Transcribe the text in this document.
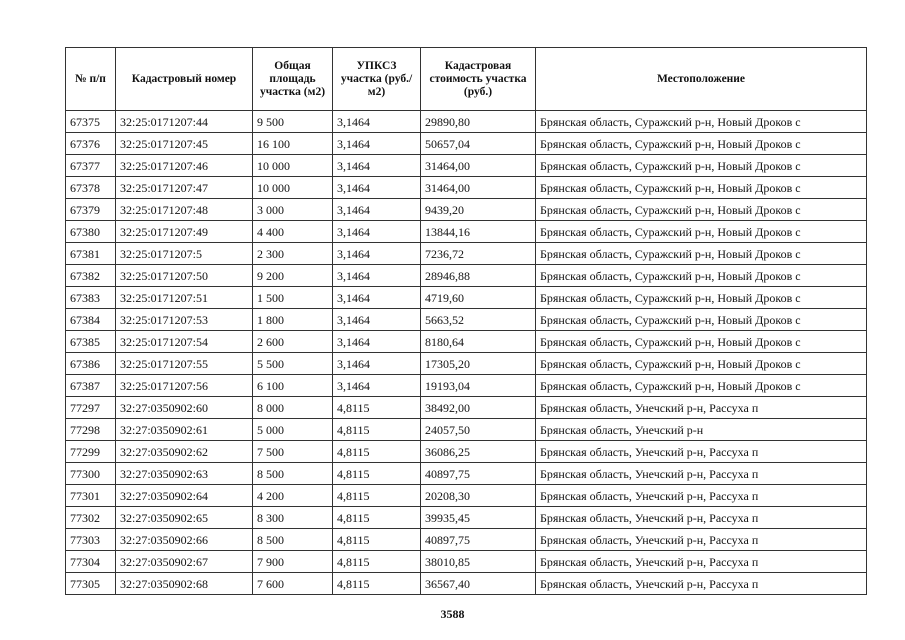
№ п/п	Кадастровый номер	Общая площадь участка (м2)	УПКСЗ участка (руб./м2)	Кадастровая стоимость участка (руб.)	Местоположение
67375	32:25:0171207:44	9 500	3,1464	29890,80	Брянская область, Суражский р-н, Новый Дроков с
67376	32:25:0171207:45	16 100	3,1464	50657,04	Брянская область, Суражский р-н, Новый Дроков с
67377	32:25:0171207:46	10 000	3,1464	31464,00	Брянская область, Суражский р-н, Новый Дроков с
67378	32:25:0171207:47	10 000	3,1464	31464,00	Брянская область, Суражский р-н, Новый Дроков с
67379	32:25:0171207:48	3 000	3,1464	9439,20	Брянская область, Суражский р-н, Новый Дроков с
67380	32:25:0171207:49	4 400	3,1464	13844,16	Брянская область, Суражский р-н, Новый Дроков с
67381	32:25:0171207:5	2 300	3,1464	7236,72	Брянская область, Суражский р-н, Новый Дроков с
67382	32:25:0171207:50	9 200	3,1464	28946,88	Брянская область, Суражский р-н, Новый Дроков с
67383	32:25:0171207:51	1 500	3,1464	4719,60	Брянская область, Суражский р-н, Новый Дроков с
67384	32:25:0171207:53	1 800	3,1464	5663,52	Брянская область, Суражский р-н, Новый Дроков с
67385	32:25:0171207:54	2 600	3,1464	8180,64	Брянская область, Суражский р-н, Новый Дроков с
67386	32:25:0171207:55	5 500	3,1464	17305,20	Брянская область, Суражский р-н, Новый Дроков с
67387	32:25:0171207:56	6 100	3,1464	19193,04	Брянская область, Суражский р-н, Новый Дроков с
77297	32:27:0350902:60	8 000	4,8115	38492,00	Брянская область, Унечский р-н, Рассуха п
77298	32:27:0350902:61	5 000	4,8115	24057,50	Брянская область, Унечский р-н
77299	32:27:0350902:62	7 500	4,8115	36086,25	Брянская область, Унечский р-н, Рассуха п
77300	32:27:0350902:63	8 500	4,8115	40897,75	Брянская область, Унечский р-н, Рассуха п
77301	32:27:0350902:64	4 200	4,8115	20208,30	Брянская область, Унечский р-н, Рассуха п
77302	32:27:0350902:65	8 300	4,8115	39935,45	Брянская область, Унечский р-н, Рассуха п
77303	32:27:0350902:66	8 500	4,8115	40897,75	Брянская область, Унечский р-н, Рассуха п
77304	32:27:0350902:67	7 900	4,8115	38010,85	Брянская область, Унечский р-н, Рассуха п
77305	32:27:0350902:68	7 600	4,8115	36567,40	Брянская область, Унечский р-н, Рассуха п
3588
